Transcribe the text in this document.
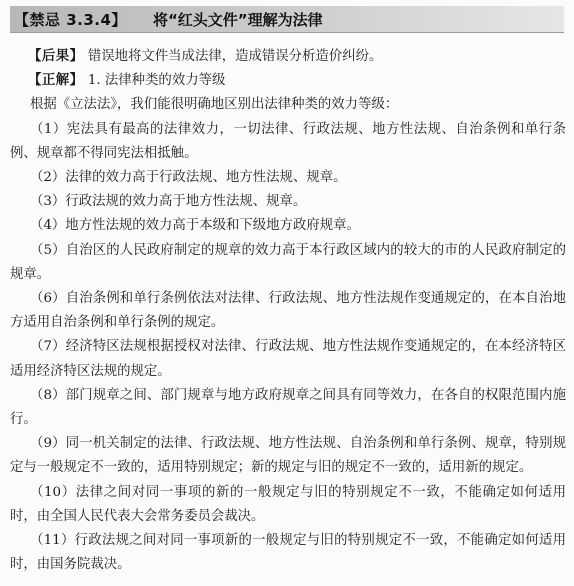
【禁忌 3.3.4】 将“红头文件”理解为法律
【后果】 错误地将文件当成法律，造成错误分析造价纠纷。
【正解】 1. 法律种类的效力等级

根据《立法法》，我们能很明确地区别出法律种类的效力等级：

（1）宪法具有最高的法律效力，一切法律、行政法规、地方性法规、自治条例和单行条例、规章都不得同宪法相抵触。

（2）法律的效力高于行政法规、地方性法规、规章。

（3）行政法规的效力高于地方性法规、规章。

（4）地方性法规的效力高于本级和下级地方政府规章。

（5）自治区的人民政府制定的规章的效力高于本行政区域内的较大的市的人民政府制定的规章。

（6）自治条例和单行条例依法对法律、行政法规、地方性法规作变通规定的，在本自治地方适用自治条例和单行条例的规定。

（7）经济特区法规根据授权对法律、行政法规、地方性法规作变通规定的，在本经济特区适用经济特区法规的规定。

（8）部门规章之间、部门规章与地方政府规章之间具有同等效力，在各自的权限范围内施行。

（9）同一机关制定的法律、行政法规、地方性法规、自治条例和单行条例、规章，特别规定与一般规定不一致的，适用特别规定；新的规定与旧的规定不一致的，适用新的规定。

（10）法律之间对同一事项的新的一般规定与旧的特别规定不一致，不能确定如何适用时，由全国人民代表大会常务委员会裁决。

（11）行政法规之间对同一事项新的一般规定与旧的特别规定不一致，不能确定如何适用时，由国务院裁决。
